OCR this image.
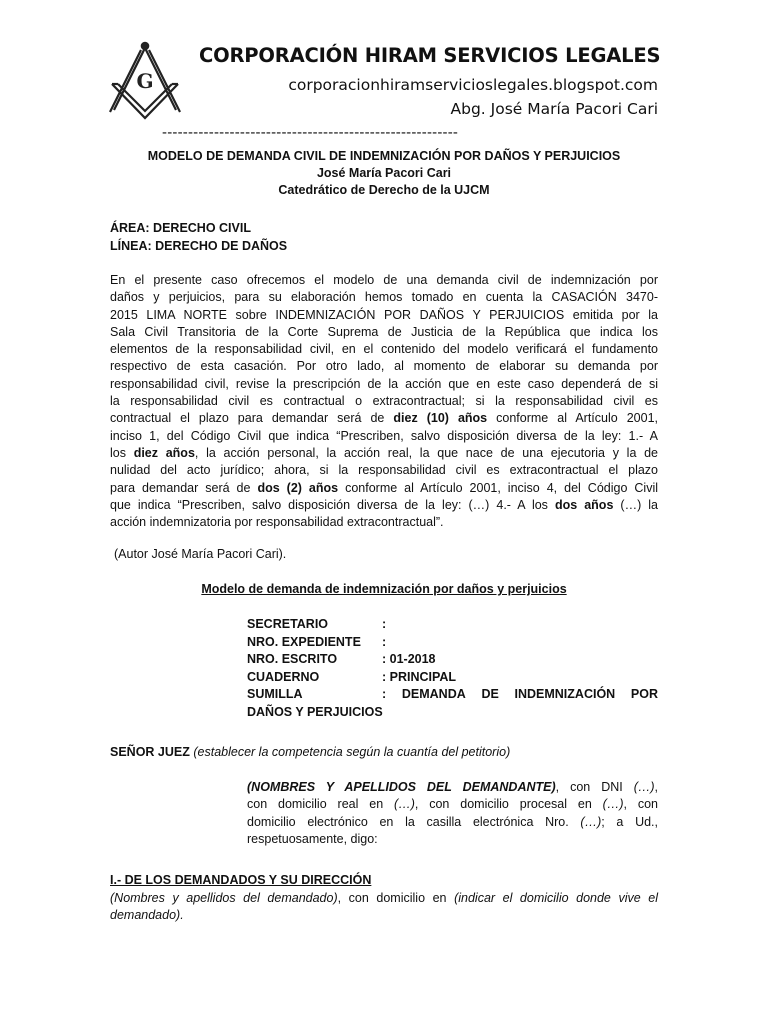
G
CORPORACIÓN HIRAM SERVICIOS LEGALES
corporacionhiramservicioslegales.blogspot.com
Abg. José María Pacori Cari
---------------------------------------------------------
MODELO DE DEMANDA CIVIL DE INDEMNIZACIÓN POR DAÑOS Y PERJUICIOS
José María Pacori Cari
Catedrático de Derecho de la UJCM
ÁREA: DERECHO CIVIL
LÍNEA: DERECHO DE DAÑOS
En el presente caso ofrecemos el modelo de una demanda civil de indemnización por
daños y perjuicios, para su elaboración hemos tomado en cuenta la CASACIÓN 3470-
2015 LIMA NORTE sobre INDEMNIZACIÓN POR DAÑOS Y PERJUICIOS emitida por la
Sala Civil Transitoria de la Corte Suprema de Justicia de la República que indica los
elementos de la responsabilidad civil, en el contenido del modelo verificará el fundamento
respectivo de esta casación. Por otro lado, al momento de elaborar su demanda por
responsabilidad civil, revise la prescripción de la acción que en este caso dependerá de si
la responsabilidad civil es contractual o extracontractual; si la responsabilidad civil es
contractual el plazo para demandar será de diez (10) años conforme al Artículo 2001,
inciso 1, del Código Civil que indica “Prescriben, salvo disposición diversa de la ley: 1.- A
los diez años, la acción personal, la acción real, la que nace de una ejecutoria y la de
nulidad del acto jurídico; ahora, si la responsabilidad civil es extracontractual el plazo
para demandar será de dos (2) años conforme al Artículo 2001, inciso 4, del Código Civil
que indica “Prescriben, salvo disposición diversa de la ley: (…) 4.- A los dos años (…) la
acción indemnizatoria por responsabilidad extracontractual”.
(Autor José María Pacori Cari).
Modelo de demanda de indemnización por daños y perjuicios
SECRETARIO	:
NRO. EXPEDIENTE	:
NRO. ESCRITO	: 01-2018
CUADERNO	: PRINCIPAL
SUMILLA	: DEMANDA DE INDEMNIZACIÓN POR
DAÑOS Y PERJUICIOS
SEÑOR JUEZ (establecer la competencia según la cuantía del petitorio)
(NOMBRES Y APELLIDOS DEL DEMANDANTE), con DNI (…),
con domicilio real en (…), con domicilio procesal en (…), con
domicilio electrónico en la casilla electrónica Nro. (…); a Ud.,
respetuosamente, digo:
I.- DE LOS DEMANDADOS Y SU DIRECCIÓN
(Nombres y apellidos del demandado), con domicilio en (indicar el domicilio donde vive el
demandado).
